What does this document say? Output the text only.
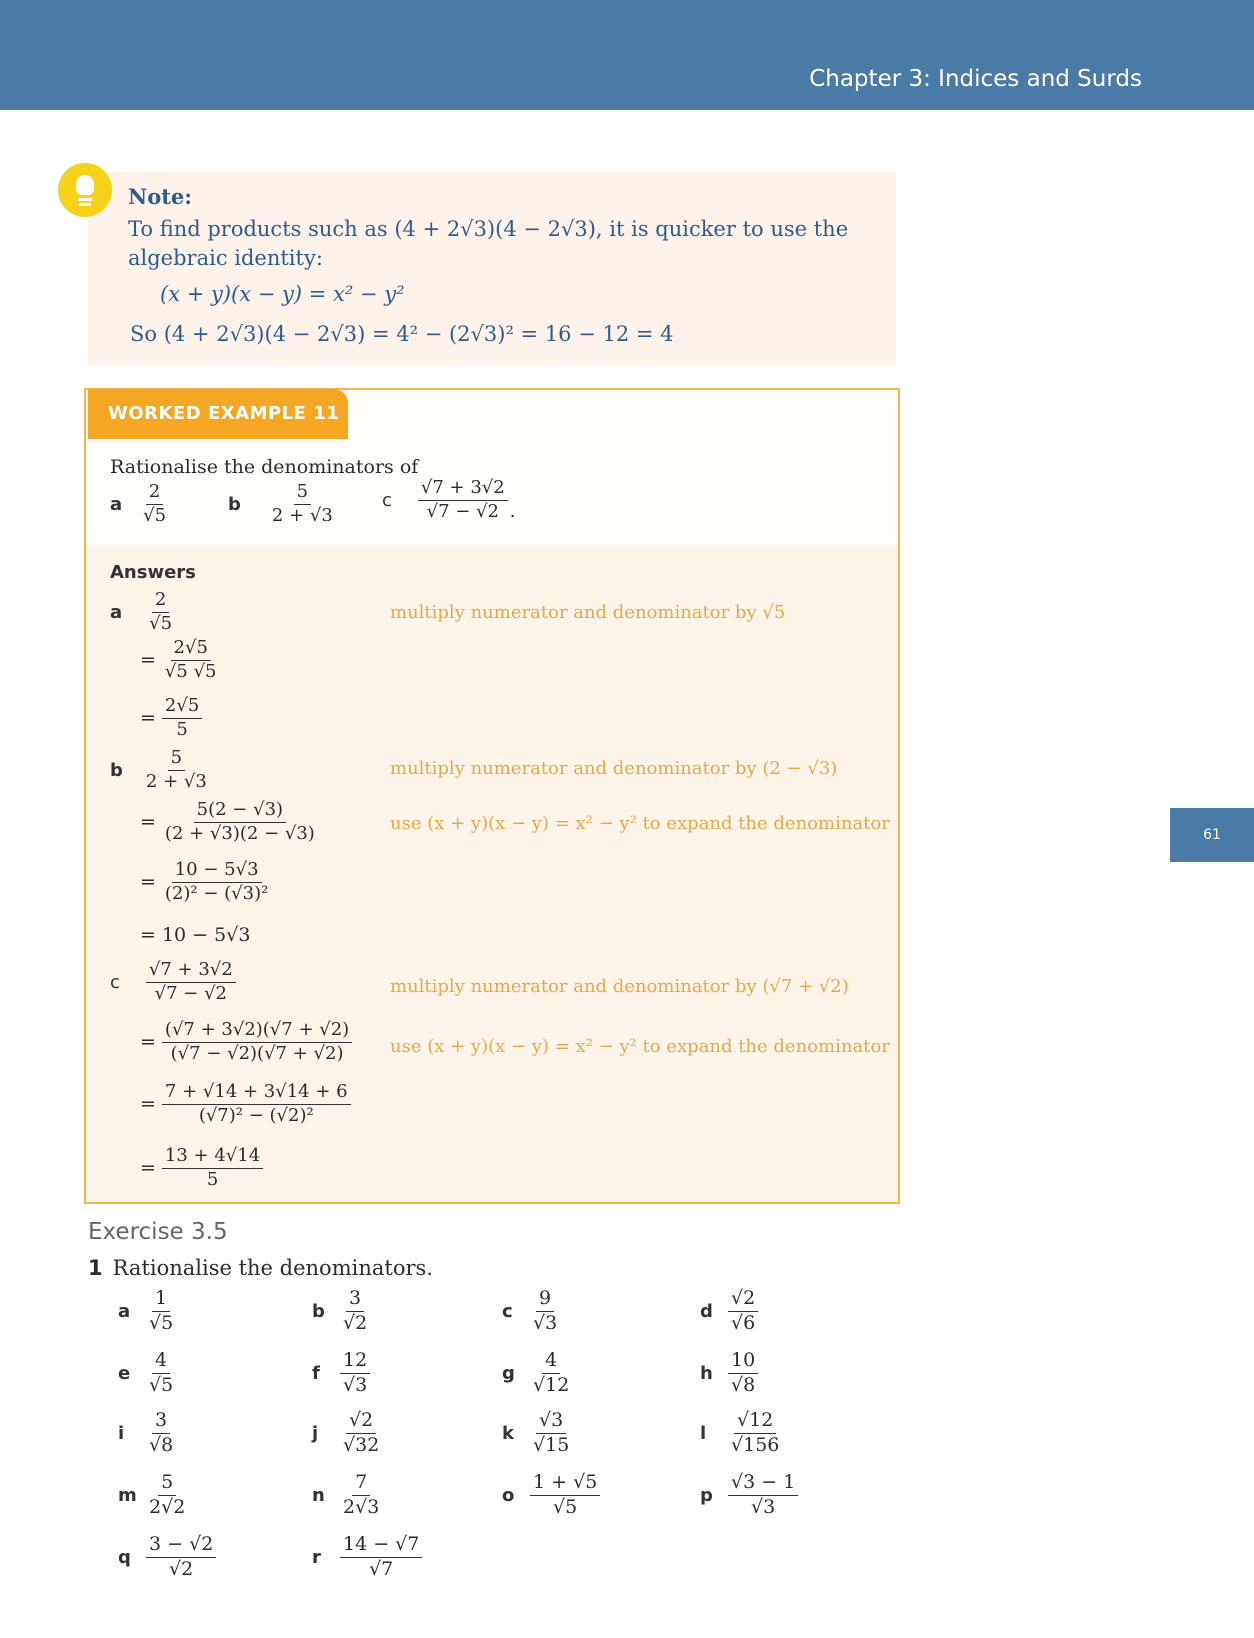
Chapter 3: Indices and Surds
61
Note:
To find products such as (4 + 2√3)(4 − 2√3), it is quicker to use the
algebraic identity:
(x + y)(x − y) = x² − y²
So (4 + 2√3)(4 − 2√3) = 4² − (2√3)² = 16 − 12 = 4
WORKED EXAMPLE 11
Rationalise the denominators of
a $\frac{2}{√5}$	b $\frac{5}{2 + √3}$	c $\frac{√7 + 3√2}{√7 - √2}$ .
Answers
a $\frac{2}{√5}$	multiply numerator and denominator by √5
= $\frac{2√5}{√5 √5}$
= $\frac{2√5}{5}$
b $\frac{5}{2 + √3}$	multiply numerator and denominator by (2 − √3)
= $\frac{5(2 - √3)}{(2 + √3)(2 - √3)}$	use (x + y)(x − y) = x² − y² to expand the denominator
= $\frac{10 - 5√3}{\text{(2)² − (√3)²}}$
= 10 − 5√3
c $\frac{√7 + 3√2}{√7 - √2}$	multiply numerator and denominator by (√7 + √2)
= $\frac{(√7 + 3√2)(√7 + √2)}{(√7 - √2)(√7 + √2)}$ use (x + y)(x − y) = x² − y² to expand the denominator
= $\frac{7 + √14 + 3√14 + 6}{\text{(√7)² − (√2)²}}$
= $\frac{13 + 4√14}{5}$
Exercise 3.5
1 Rationalise the denominators.
a $\frac{1}{√5}$	b $\frac{3}{√2}$	c $\frac{9}{√3}$	d $\frac{√2}{√6}$
e $\frac{4}{√5}$	f	$\frac{12}{√3}$	g $\frac{4}{√12}$	h $\frac{10}{√8}$
i	$\frac{3}{√8}$	j	$\frac{√2}{√32}$	k $\frac{√3}{√15}$	l	$\frac{√12}{√156}$
m $\frac{5}{2√2}$	n $\frac{7}{2√3}$	o $\frac{1 + √5}{√5}$	p $\frac{√3 - 1}{√3}$
q $\frac{3 - √2}{√2}$	r	$\frac{14 - √7}{√7}$
